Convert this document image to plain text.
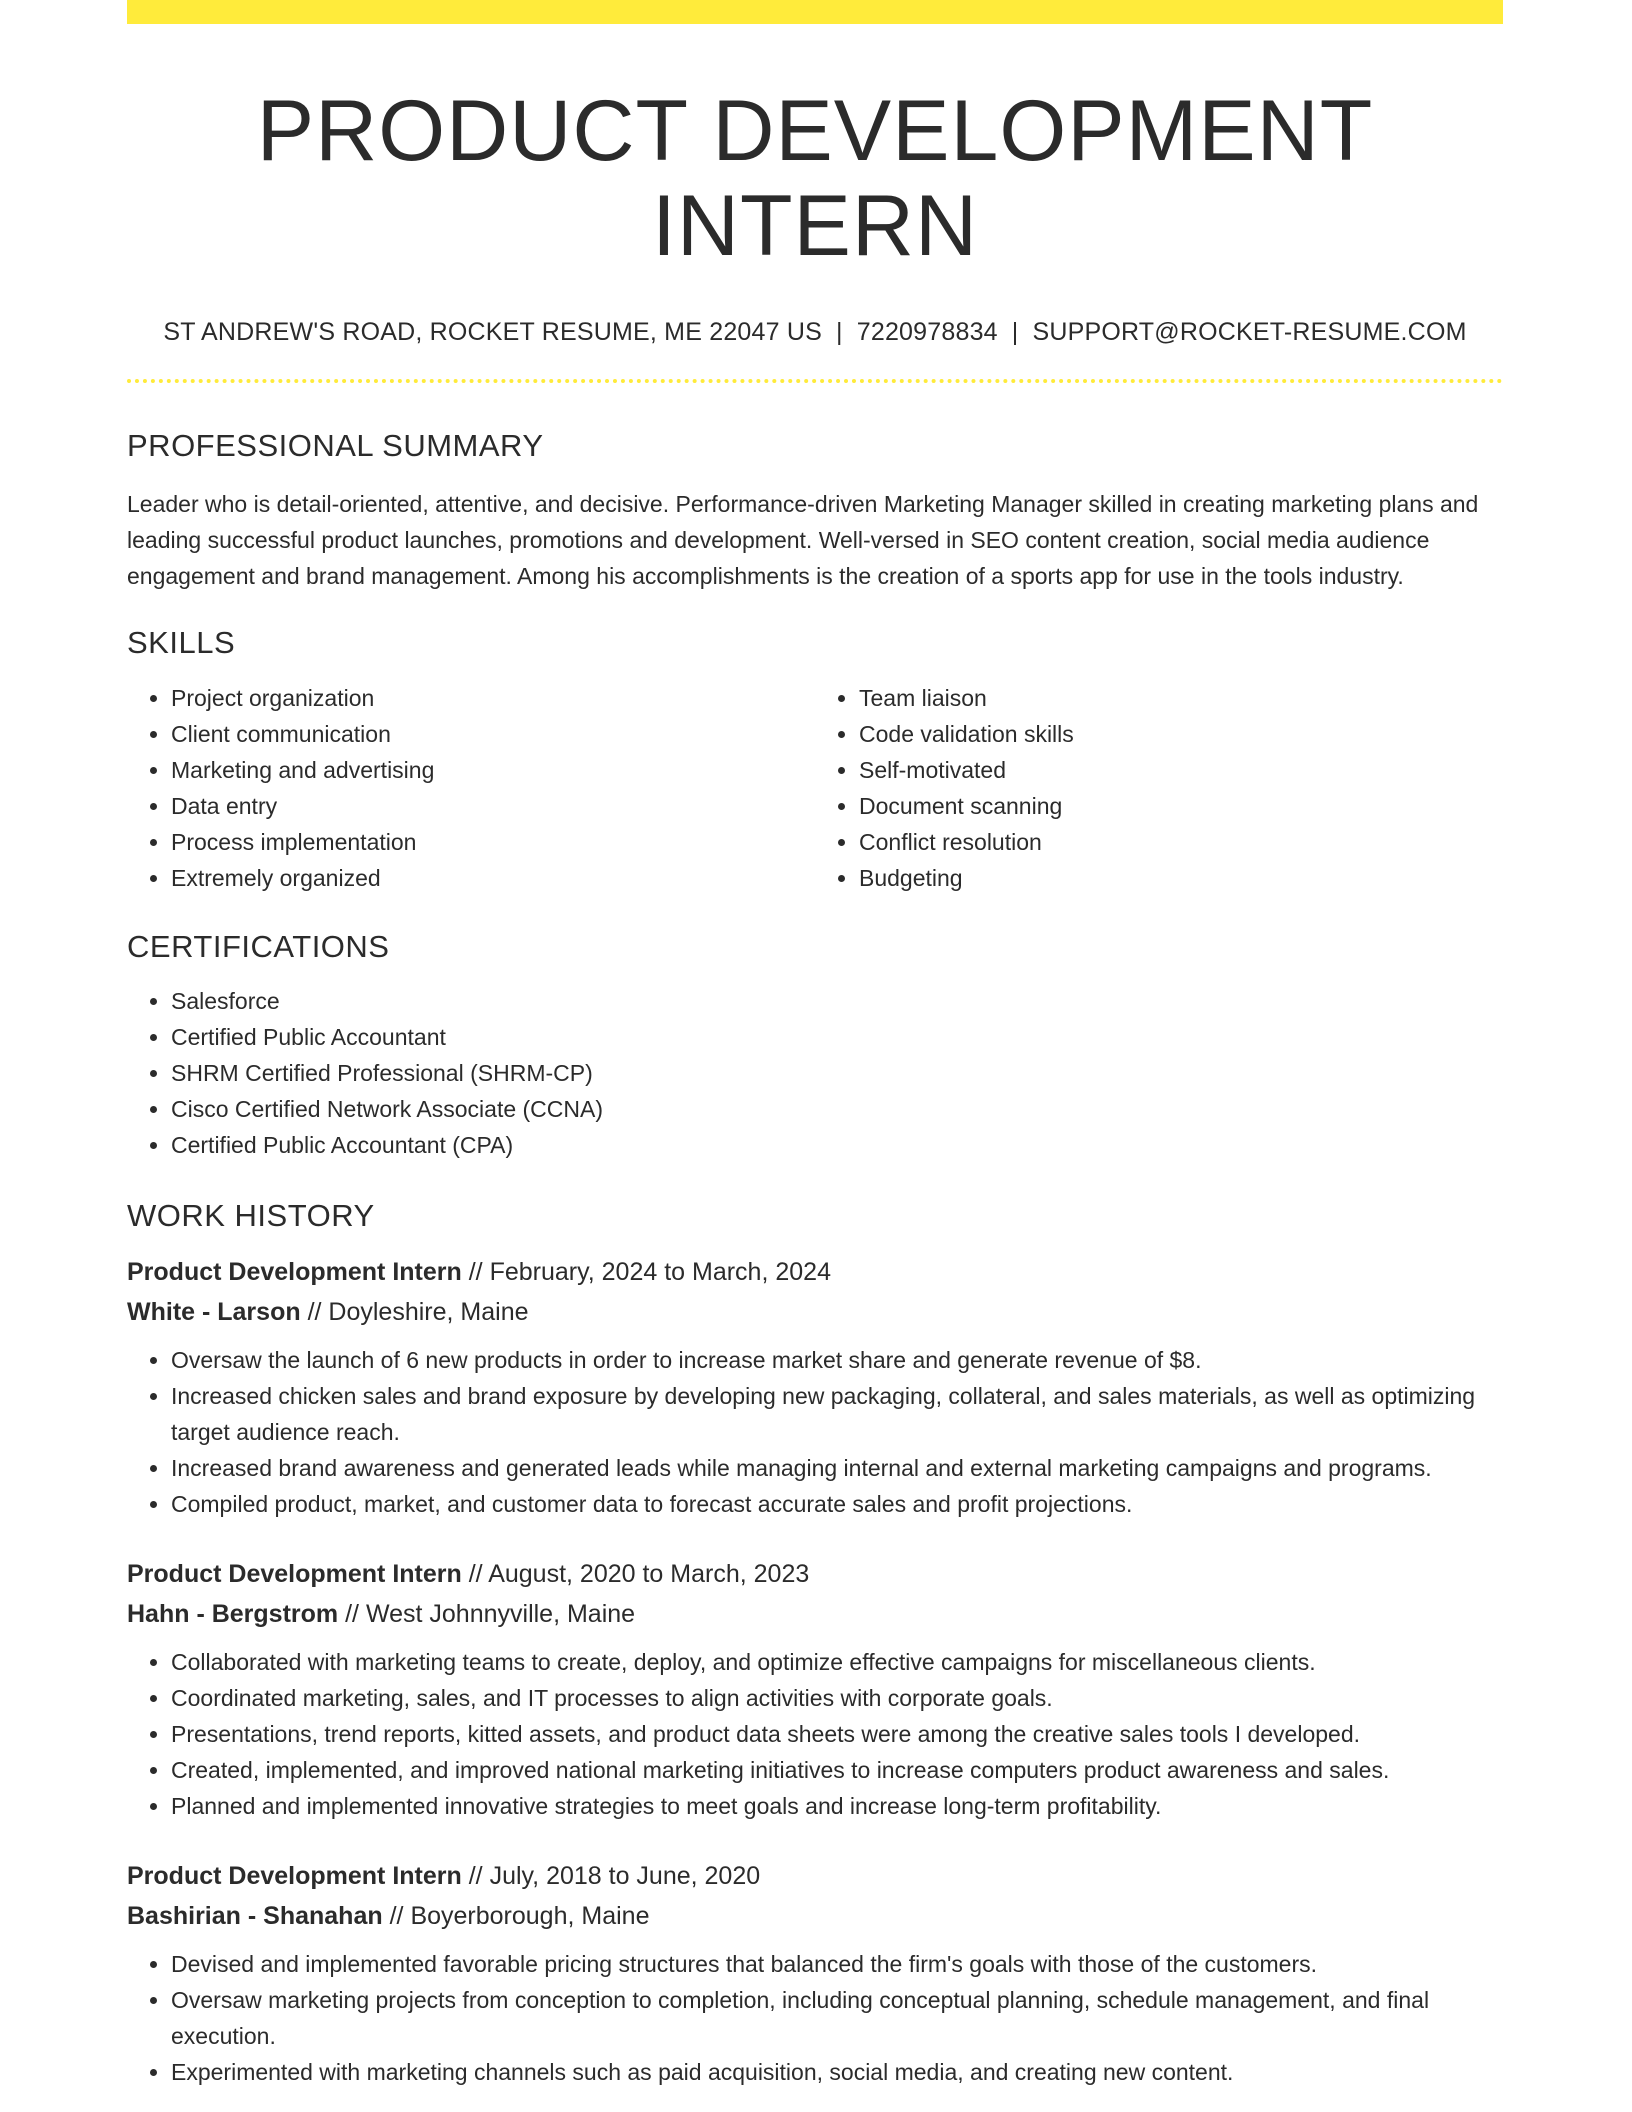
PRODUCT DEVELOPMENT INTERN
ST ANDREW'S ROAD, ROCKET RESUME, ME 22047 US | 7220978834 | SUPPORT@ROCKET-RESUME.COM
PROFESSIONAL SUMMARY

Leader who is detail-oriented, attentive, and decisive. Performance-driven Marketing Manager skilled in creating marketing plans and leading successful product launches, promotions and development. Well-versed in SEO content creation, social media audience engagement and brand management. Among his accomplishments is the creation of a sports app for use in the tools industry.

SKILLS
• Project organization
• Client communication
• Marketing and advertising
• Data entry
• Process implementation
• Extremely organized
• Team liaison
• Code validation skills
• Self-motivated
• Document scanning
• Conflict resolution
• Budgeting
CERTIFICATIONS
• Salesforce
• Certified Public Accountant
• SHRM Certified Professional (SHRM-CP)
• Cisco Certified Network Associate (CCNA)
• Certified Public Accountant (CPA)
WORK HISTORY
Product Development Intern // February, 2024 to March, 2024
White - Larson // Doyleshire, Maine
• Oversaw the launch of 6 new products in order to increase market share and generate revenue of $8.
• Increased chicken sales and brand exposure by developing new packaging, collateral, and sales materials, as well as optimizing target audience reach.
• Increased brand awareness and generated leads while managing internal and external marketing campaigns and programs.
• Compiled product, market, and customer data to forecast accurate sales and profit projections.
Product Development Intern // August, 2020 to March, 2023
Hahn - Bergstrom // West Johnnyville, Maine
• Collaborated with marketing teams to create, deploy, and optimize effective campaigns for miscellaneous clients.
• Coordinated marketing, sales, and IT processes to align activities with corporate goals.
• Presentations, trend reports, kitted assets, and product data sheets were among the creative sales tools I developed.
• Created, implemented, and improved national marketing initiatives to increase computers product awareness and sales.
• Planned and implemented innovative strategies to meet goals and increase long-term profitability.
Product Development Intern // July, 2018 to June, 2020
Bashirian - Shanahan // Boyerborough, Maine
• Devised and implemented favorable pricing structures that balanced the firm's goals with those of the customers.
• Oversaw marketing projects from conception to completion, including conceptual planning, schedule management, and final execution.
• Experimented with marketing channels such as paid acquisition, social media, and creating new content.
